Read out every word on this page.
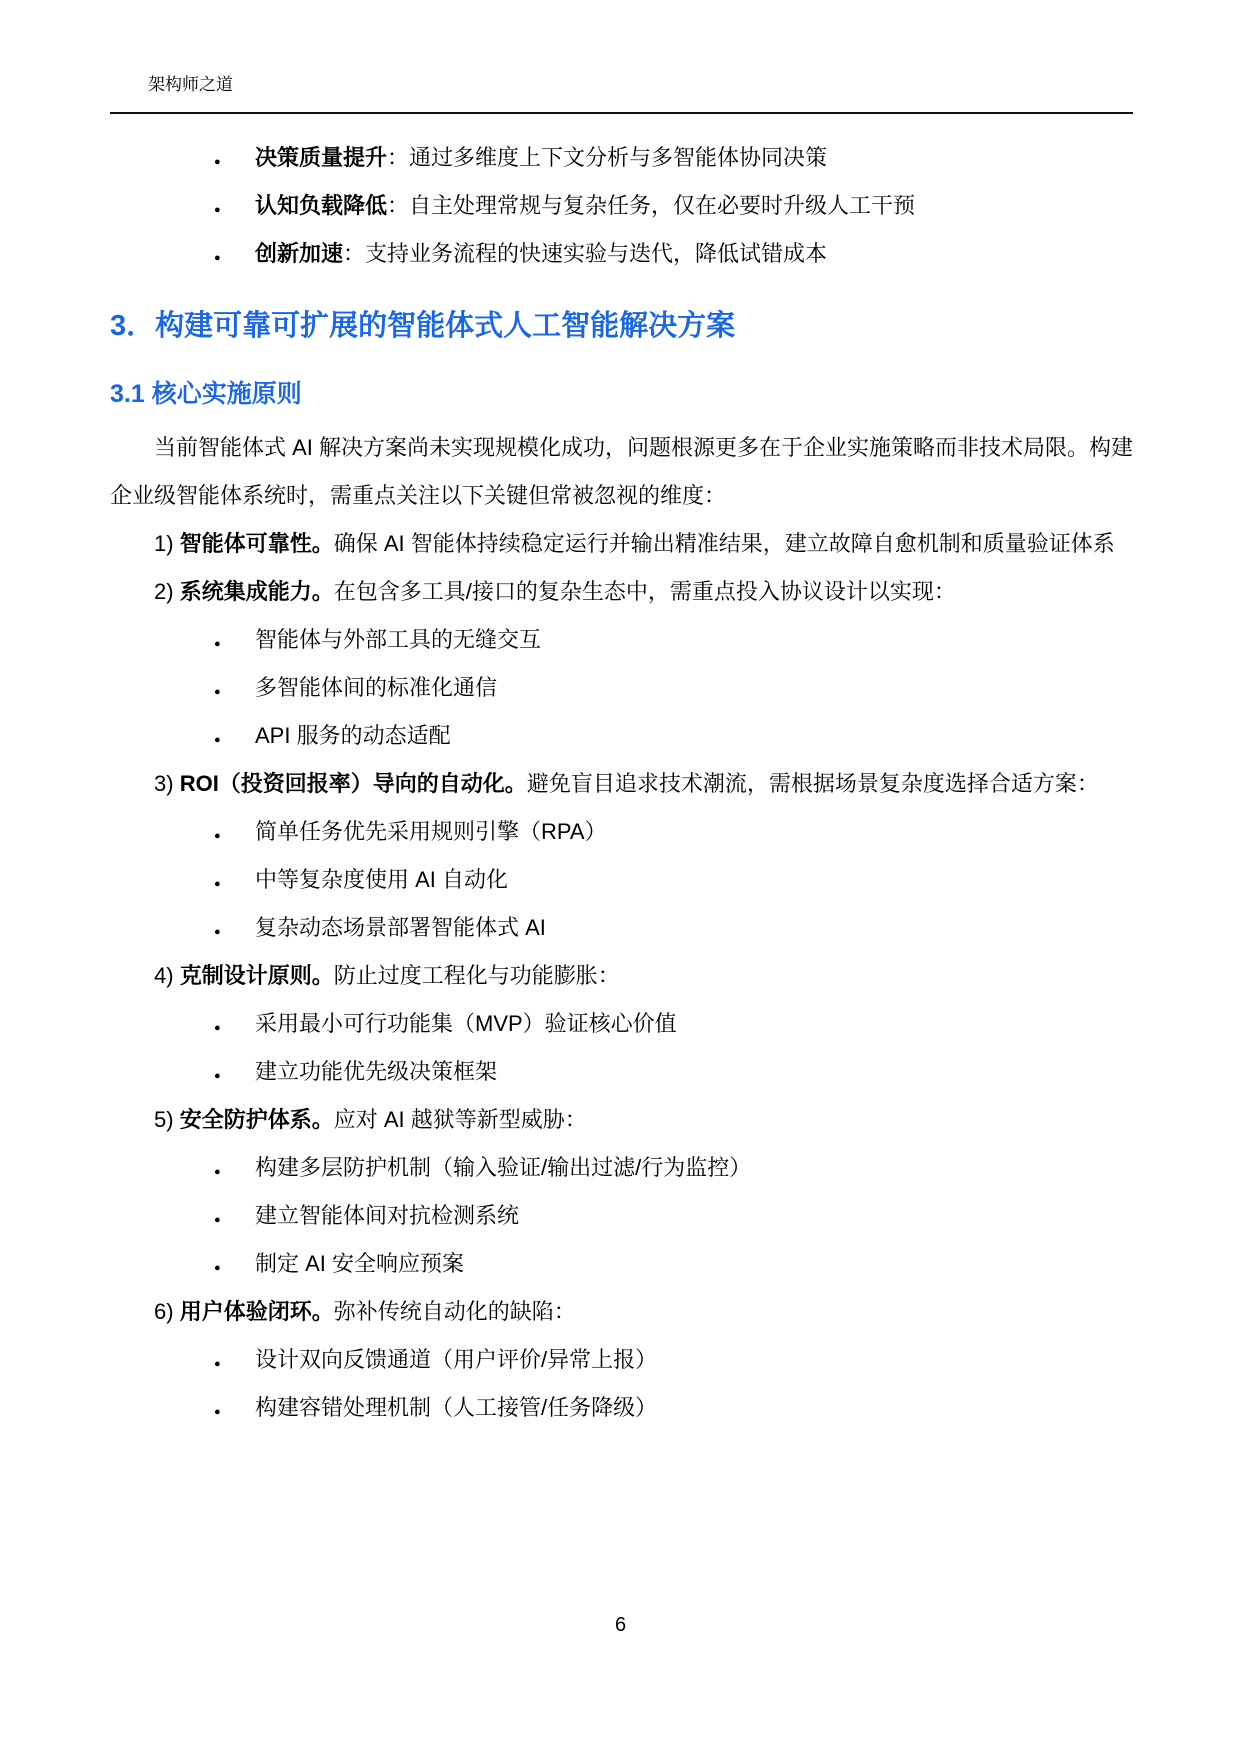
架构师之道
●
决策质量提升：通过多维度上下文分析与多智能体协同决策
●
认知负载降低：自主处理常规与复杂任务，仅在必要时升级人工干预
●
创新加速：支持业务流程的快速实验与迭代，降低试错成本
3．构建可靠可扩展的智能体式人工智能解决方案
3.1 核心实施原则

当前智能体式 AI 解决方案尚未实现规模化成功，问题根源更多在于企业实施策略而非技术局限。构建企业级智能体系统时，需重点关注以下关键但常被忽视的维度：

1) 智能体可靠性。确保 AI 智能体持续稳定运行并输出精准结果，建立故障自愈机制和质量验证体系

2) 系统集成能力。在包含多工具/接口的复杂生态中，需重点投入协议设计以实现：

●
智能体与外部工具的无缝交互
●
多智能体间的标准化通信
●
API 服务的动态适配

3) ROI（投资回报率）导向的自动化。避免盲目追求技术潮流，需根据场景复杂度选择合适方案：

●
简单任务优先采用规则引擎（RPA）
●
中等复杂度使用 AI 自动化
●
复杂动态场景部署智能体式 AI

4) 克制设计原则。防止过度工程化与功能膨胀：

●
采用最小可行功能集（MVP）验证核心价值
●
建立功能优先级决策框架

5) 安全防护体系。应对 AI 越狱等新型威胁：

●
构建多层防护机制（输入验证/输出过滤/行为监控）
●
建立智能体间对抗检测系统
●
制定 AI 安全响应预案

6) 用户体验闭环。弥补传统自动化的缺陷：

●
设计双向反馈通道（用户评价/异常上报）
●
构建容错处理机制（人工接管/任务降级）
6
